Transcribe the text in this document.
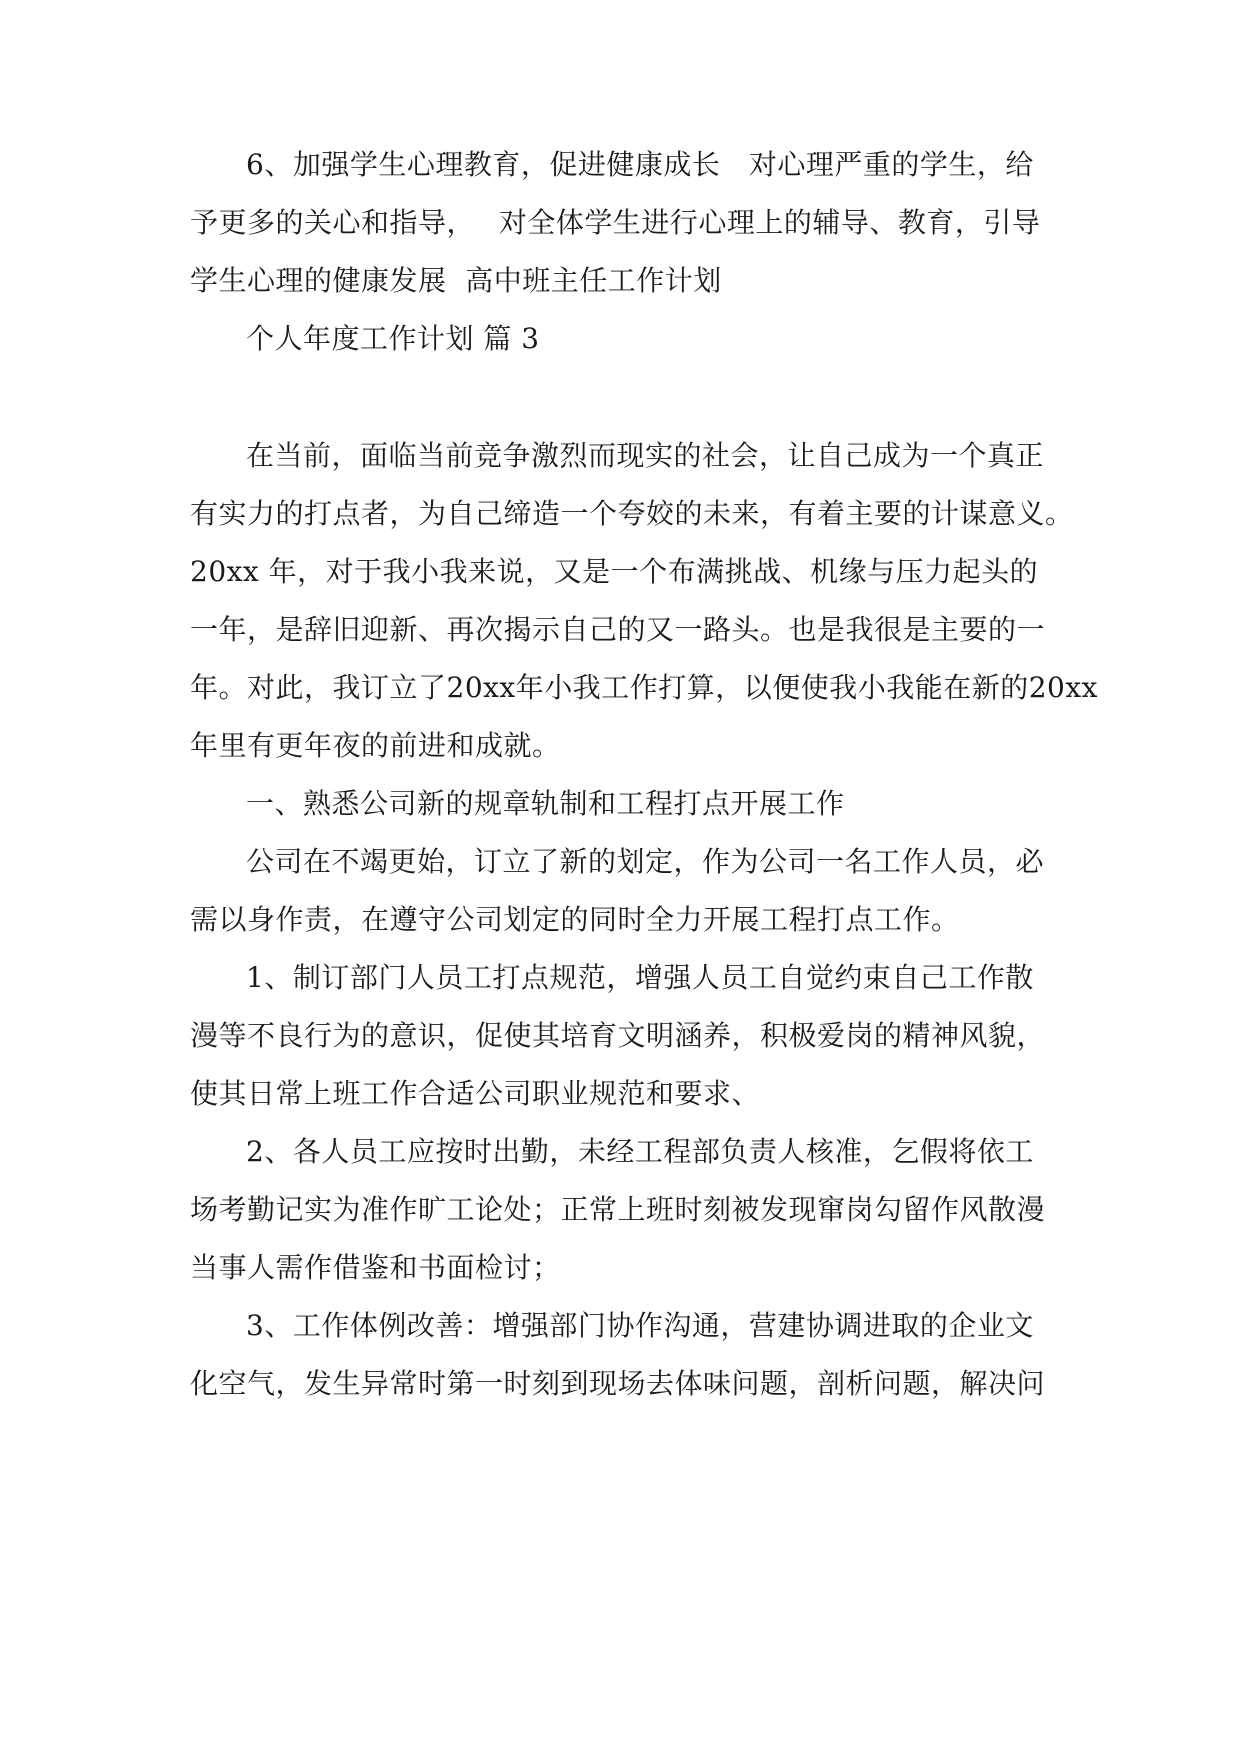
6、加强学生心理教育，促进健康成长　对心理严重的学生，给
予更多的关心和指导，　 对全体学生进行心理上的辅导、教育，引导
学生心理的健康发展  高中班主任工作计划
个人年度工作计划 篇 3
在当前，面临当前竞争激烈而现实的社会，让自己成为一个真正
有实力的打点者，为自己缔造一个夸姣的未来，有着主要的计谋意义。
20xx 年，对于我小我来说，又是一个布满挑战、机缘与压力起头的
一年，是辞旧迎新、再次揭示自己的又一路头。也是我很是主要的一
年。对此，我订立了20xx年小我工作打算，以便使我小我能在新的20xx
年里有更年夜的前进和成就。
一、熟悉公司新的规章轨制和工程打点开展工作
公司在不竭更始，订立了新的划定，作为公司一名工作人员，必
需以身作责，在遵守公司划定的同时全力开展工程打点工作。
1、制订部门人员工打点规范，增强人员工自觉约束自己工作散
漫等不良行为的意识，促使其培育文明涵养，积极爱岗的精神风貌，
使其日常上班工作合适公司职业规范和要求、
2、各人员工应按时出勤，未经工程部负责人核准，乞假将依工
场考勤记实为准作旷工论处；正常上班时刻被发现窜岗勾留作风散漫
当事人需作借鉴和书面检讨；
3、工作体例改善：增强部门协作沟通，营建协调进取的企业文
化空气，发生异常时第一时刻到现场去体味问题，剖析问题，解决问
